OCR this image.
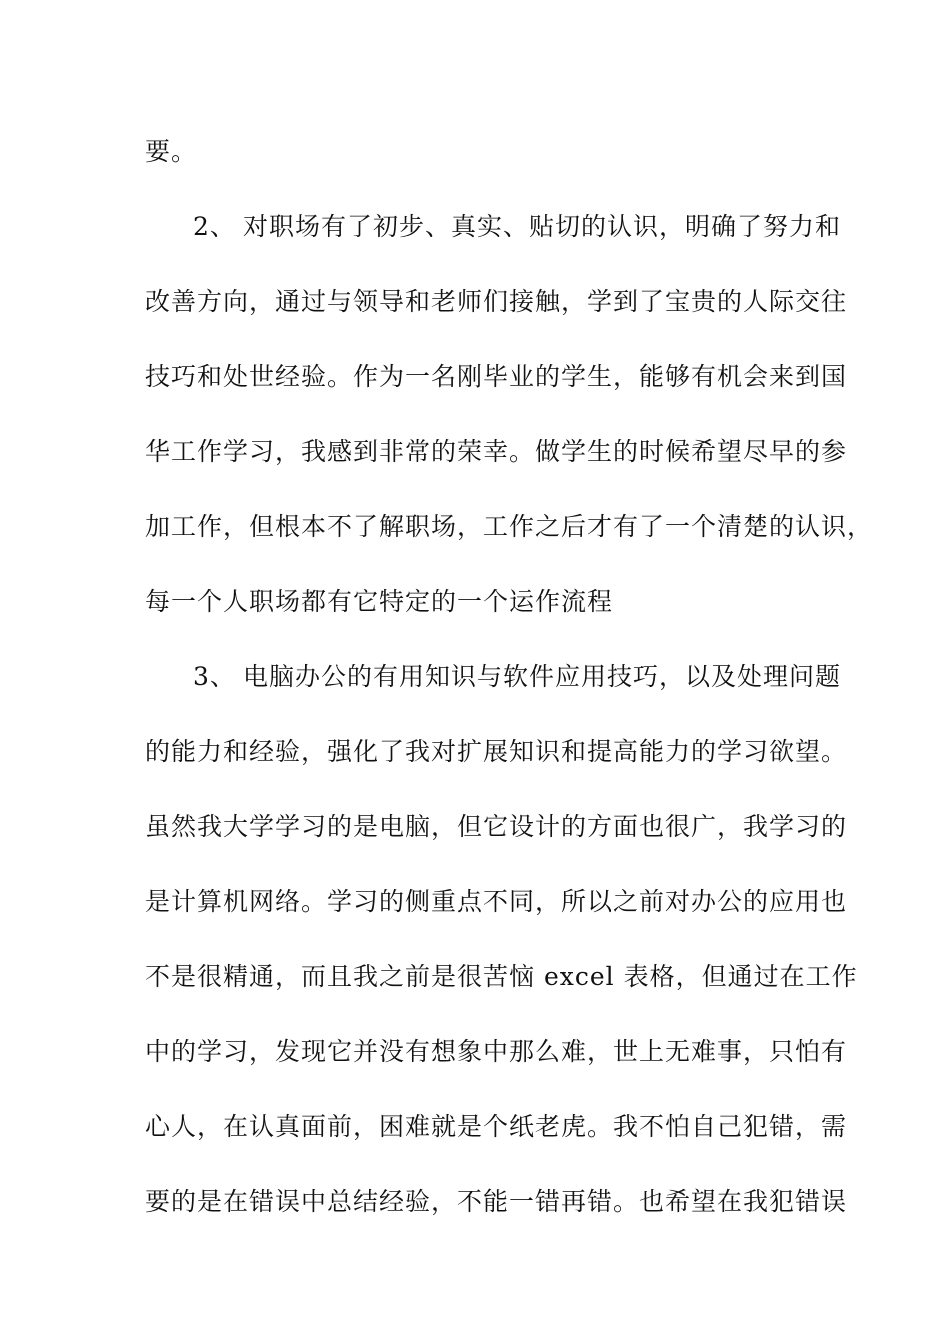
要。
2、 对职场有了初步、真实、贴切的认识，明确了努力和
改善方向，通过与领导和老师们接触，学到了宝贵的人际交往
技巧和处世经验。作为一名刚毕业的学生，能够有机会来到国
华工作学习，我感到非常的荣幸。做学生的时候希望尽早的参
加工作，但根本不了解职场，工作之后才有了一个清楚的认识，
每一个人职场都有它特定的一个运作流程
3、 电脑办公的有用知识与软件应用技巧，以及处理问题
的能力和经验，强化了我对扩展知识和提高能力的学习欲望。
虽然我大学学习的是电脑，但它设计的方面也很广，我学习的
是计算机网络。学习的侧重点不同，所以之前对办公的应用也
不是很精通，而且我之前是很苦恼 excel 表格，但通过在工作
中的学习，发现它并没有想象中那么难，世上无难事，只怕有
心人，在认真面前，困难就是个纸老虎。我不怕自己犯错，需
要的是在错误中总结经验，不能一错再错。也希望在我犯错误
